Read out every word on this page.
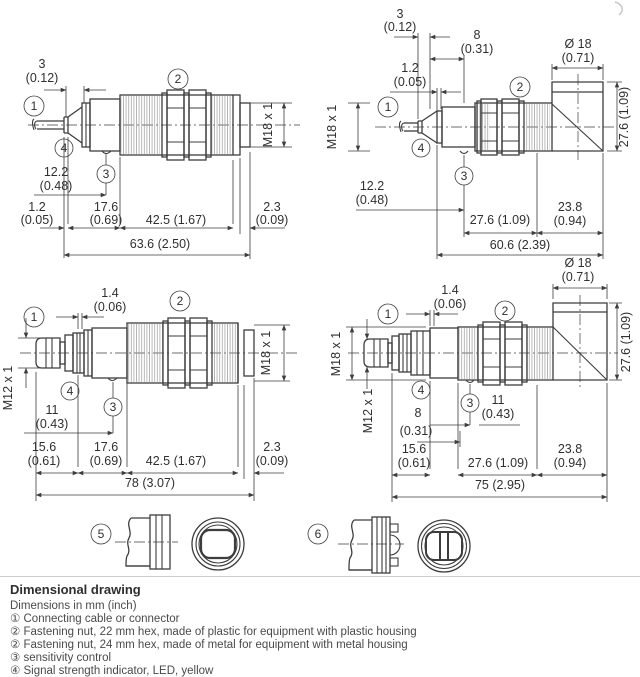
1
2
3
4
3
(0.12)
M18 x 1
12.2
(0.48)
1.2
(0.05)
17.6
(0.69) 42.5 (1.67)
2.3
(0.09)
63.6 (2.50)
1
2
3
4
3
(0.12)
8
(0.31)
1.2
(0.05)
M18 x 1
Ø 18
(0.71)
27.6 (1.09)
12.2
(0.48)
27.6 (1.09)
23.8
(0.94)
60.6 (2.39)
1
2
3
4
1.4
(0.06)
M12 x 1
M18 x 1
11
(0.43)
15.6
(0.61)
17.6
(0.69) 42.5 (1.67)
2.3
(0.09)
78 (3.07)
1	2
3
4
Ø 18
(0.71)
1.4
(0.06)
M18 x 1
M12 x 1
27.6 (1.09)
11
(0.43)
8
(0.31)
15.6
(0.61)	27.6 (1.09)
23.8
(0.94)
75 (2.95)
5	6
Dimensional drawing
Dimensions in mm (inch)
① Connecting cable or connector
② Fastening nut, 22 mm hex, made of plastic for equipment with plastic housing
② Fastening nut, 24 mm hex, made of metal for equipment with metal housing
③ sensitivity control
④ Signal strength indicator, LED, yellow
